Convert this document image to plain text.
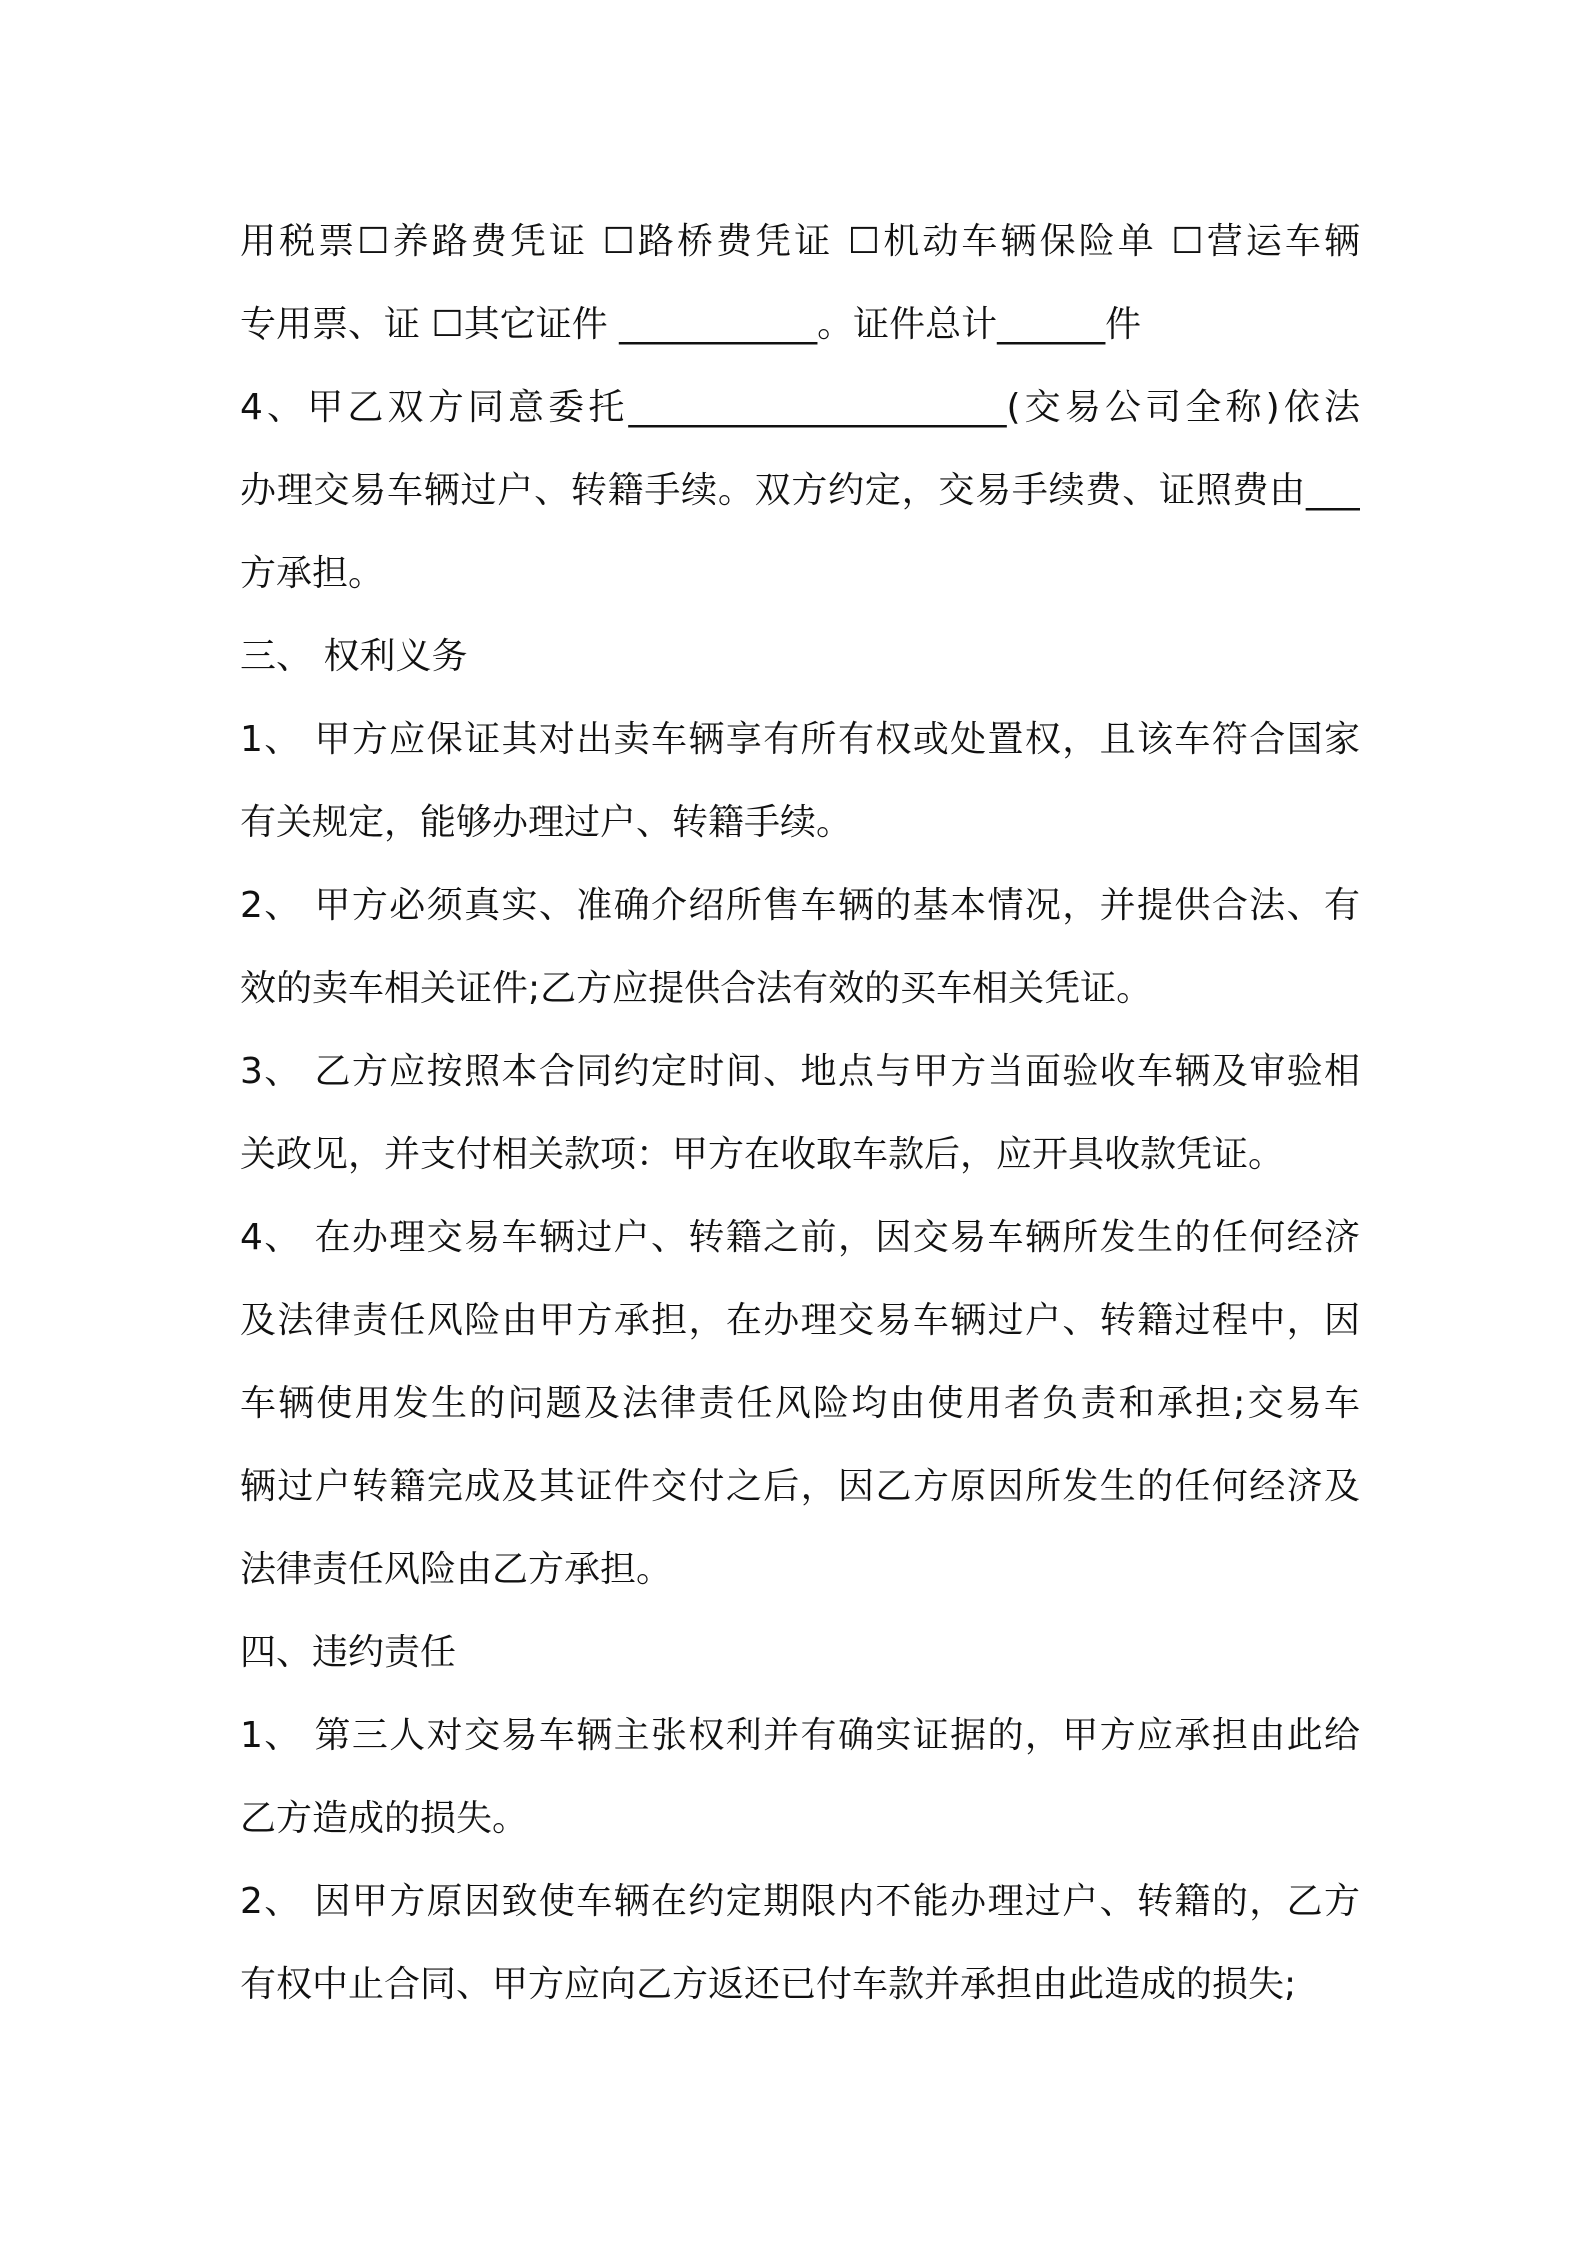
用税票☐养路费凭证 ☐路桥费凭证 ☐机动车辆保险单 ☐营运车辆
专用票、证 ☐其它证件 ___________。证件总计______件
4、甲乙双方同意委托_____________________(交易公司全称)依法
办理交易车辆过户、转籍手续。双方约定，交易手续费、证照费由___
方承担。
三、 权利义务
1、 甲方应保证其对出卖车辆享有所有权或处置权，且该车符合国家
有关规定，能够办理过户、转籍手续。
2、 甲方必须真实、准确介绍所售车辆的基本情况，并提供合法、有
效的卖车相关证件;乙方应提供合法有效的买车相关凭证。
3、 乙方应按照本合同约定时间、地点与甲方当面验收车辆及审验相
关政见，并支付相关款项：甲方在收取车款后，应开具收款凭证。
4、 在办理交易车辆过户、转籍之前，因交易车辆所发生的任何经济
及法律责任风险由甲方承担，在办理交易车辆过户、转籍过程中，因
车辆使用发生的问题及法律责任风险均由使用者负责和承担;交易车
辆过户转籍完成及其证件交付之后，因乙方原因所发生的任何经济及
法律责任风险由乙方承担。
四、违约责任
1、 第三人对交易车辆主张权利并有确实证据的，甲方应承担由此给
乙方造成的损失。
2、 因甲方原因致使车辆在约定期限内不能办理过户、转籍的，乙方
有权中止合同、甲方应向乙方返还已付车款并承担由此造成的损失;
